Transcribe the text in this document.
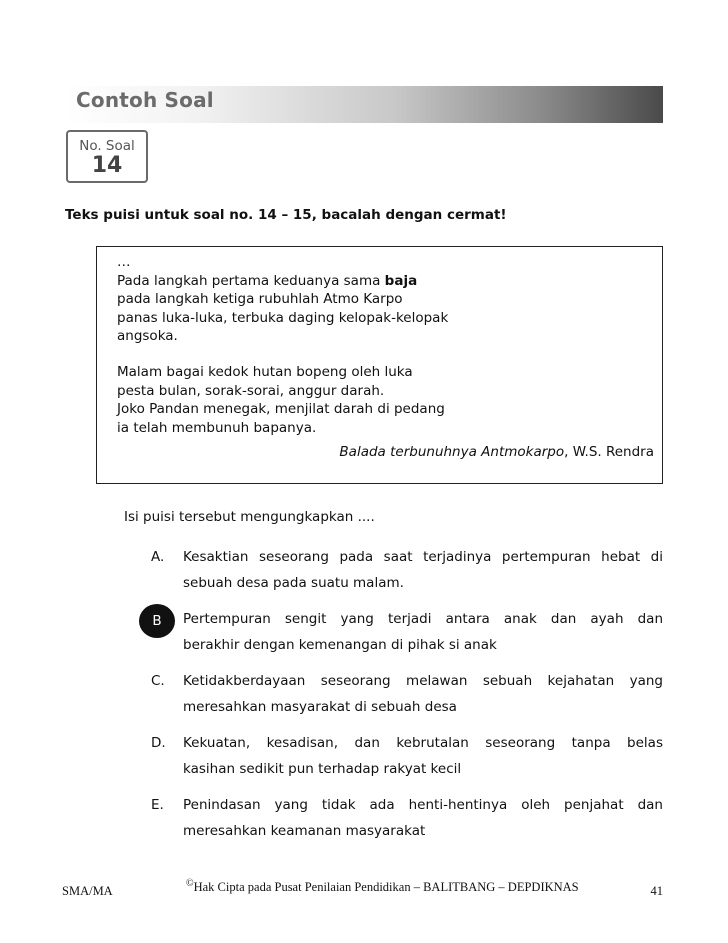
Contoh Soal
No. Soal
14
Teks puisi untuk soal no. 14 – 15, bacalah dengan cermat!
…
Pada langkah pertama keduanya sama baja
pada langkah ketiga rubuhlah Atmo Karpo
panas luka-luka, terbuka daging kelopak-kelopak
angsoka.
Malam bagai kedok hutan bopeng oleh luka
pesta bulan, sorak-sorai, anggur darah.
Joko Pandan menegak, menjilat darah di pedang
ia telah membunuh bapanya.
Balada terbunuhnya Antmokarpo, W.S. Rendra
Isi puisi tersebut mengungkapkan ....
A.	Kesaktian seseorang pada saat terjadinya pertempuran hebat di
sebuah desa pada suatu malam.
B	Pertempuran sengit yang terjadi antara anak dan ayah dan
berakhir dengan kemenangan di pihak si anak
C.	Ketidakberdayaan seseorang melawan sebuah kejahatan yang
meresahkan masyarakat di sebuah desa
D.	Kekuatan, kesadisan, dan kebrutalan seseorang tanpa belas
kasihan sedikit pun terhadap rakyat kecil
E.	Penindasan yang tidak ada henti-hentinya oleh penjahat dan
meresahkan keamanan masyarakat
SMA/MA
©Hak Cipta pada Pusat Penilaian Pendidikan – BALITBANG – DEPDIKNAS	41
